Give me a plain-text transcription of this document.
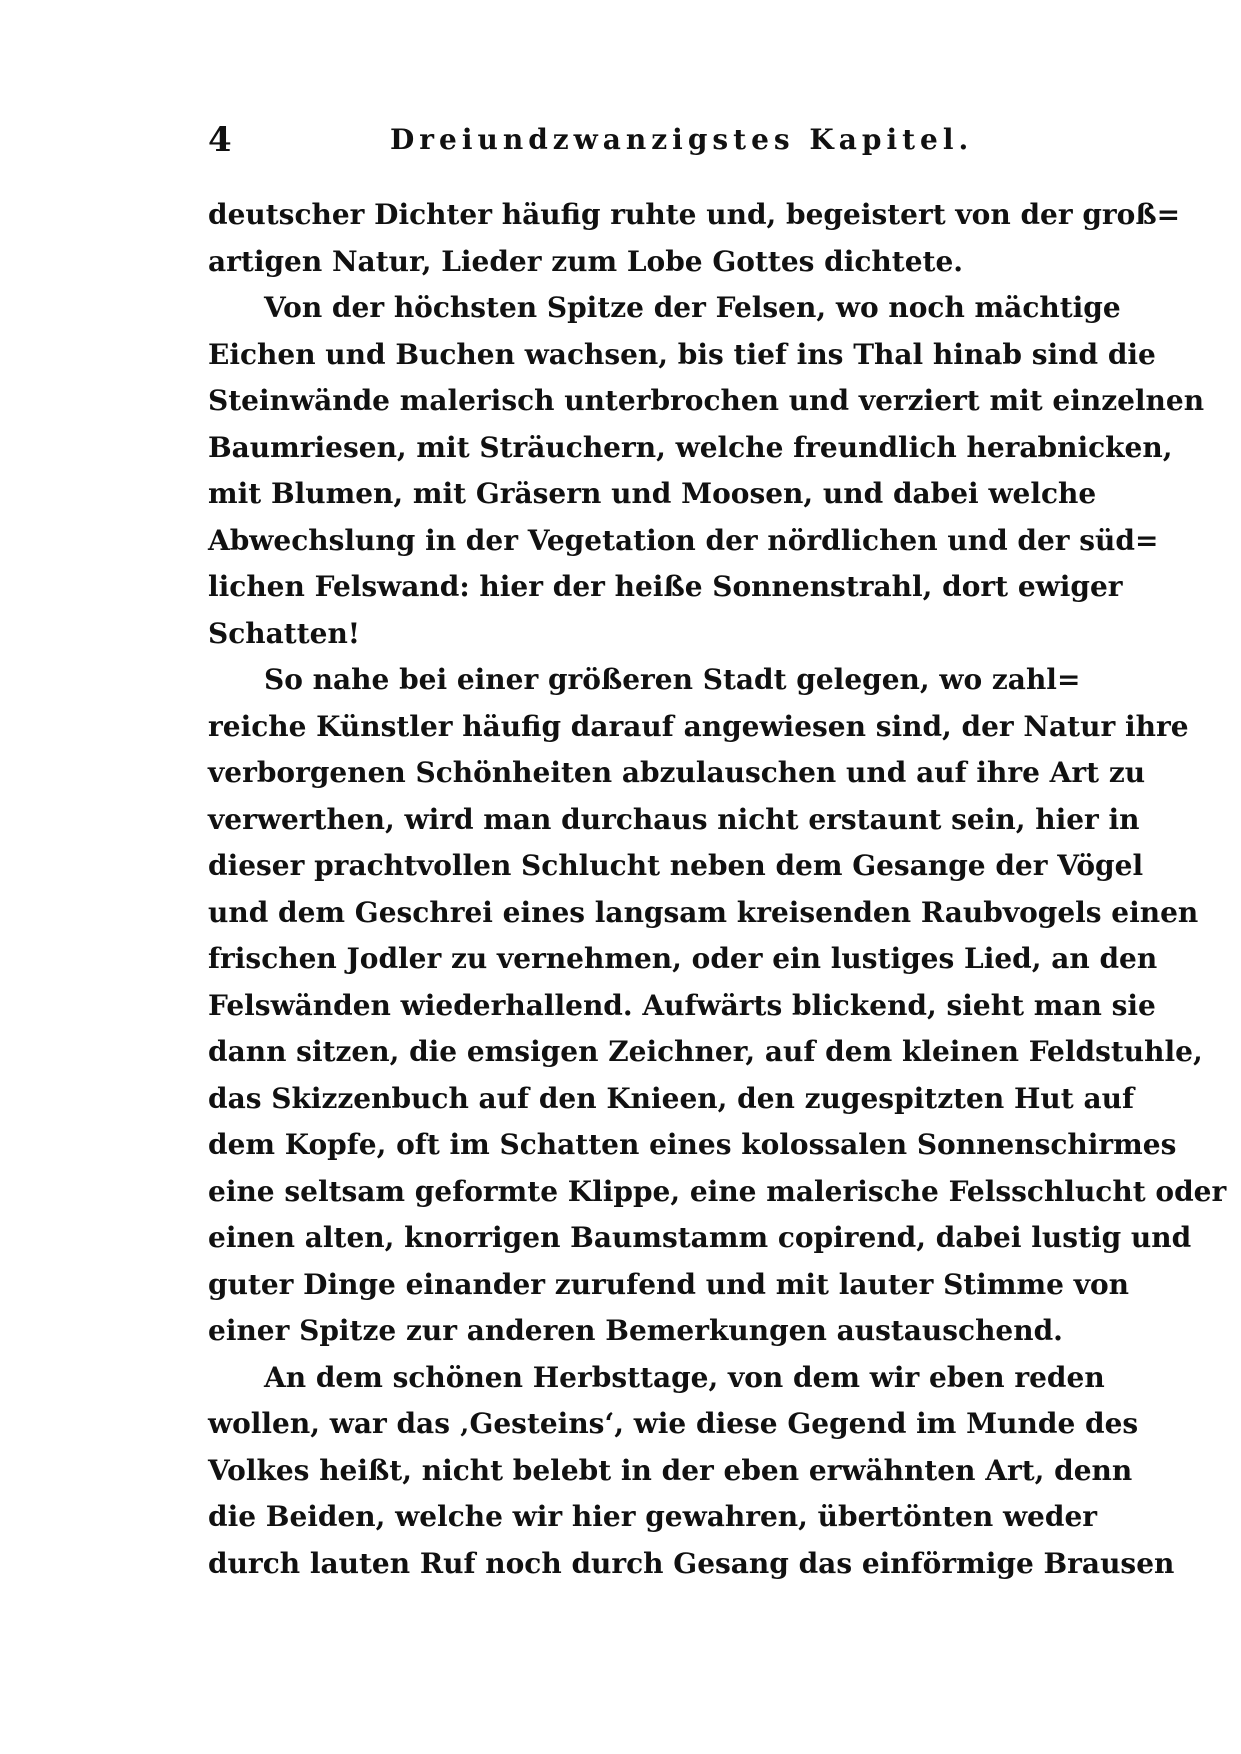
4	Dreiundzwanzigstes Kapitel.

deutscher Dichter häufig ruhte und, begeistert von der groß=
artigen Natur, Lieder zum Lobe Gottes dichtete.

Von der höchsten Spitze der Felsen, wo noch mächtige
Eichen und Buchen wachsen, bis tief ins Thal hinab sind die
Steinwände malerisch unterbrochen und verziert mit einzelnen
Baumriesen, mit Sträuchern, welche freundlich herabnicken,
mit Blumen, mit Gräsern und Moosen, und dabei welche
Abwechslung in der Vegetation der nördlichen und der süd=
lichen Felswand: hier der heiße Sonnenstrahl, dort ewiger
Schatten!

So nahe bei einer größeren Stadt gelegen, wo zahl=
reiche Künstler häufig darauf angewiesen sind, der Natur ihre
verborgenen Schönheiten abzulauschen und auf ihre Art zu
verwerthen, wird man durchaus nicht erstaunt sein, hier in
dieser prachtvollen Schlucht neben dem Gesange der Vögel
und dem Geschrei eines langsam kreisenden Raubvogels einen
frischen Jodler zu vernehmen, oder ein lustiges Lied, an den
Felswänden wiederhallend. Aufwärts blickend, sieht man sie
dann sitzen, die emsigen Zeichner, auf dem kleinen Feldstuhle,
das Skizzenbuch auf den Knieen, den zugespitzten Hut auf
dem Kopfe, oft im Schatten eines kolossalen Sonnenschirmes
eine seltsam geformte Klippe, eine malerische Felsschlucht oder
einen alten, knorrigen Baumstamm copirend, dabei lustig und
guter Dinge einander zurufend und mit lauter Stimme von
einer Spitze zur anderen Bemerkungen austauschend.

An dem schönen Herbsttage, von dem wir eben reden
wollen, war das ‚Gesteins‘, wie diese Gegend im Munde des
Volkes heißt, nicht belebt in der eben erwähnten Art, denn
die Beiden, welche wir hier gewahren, übertönten weder
durch lauten Ruf noch durch Gesang das einförmige Brausen
